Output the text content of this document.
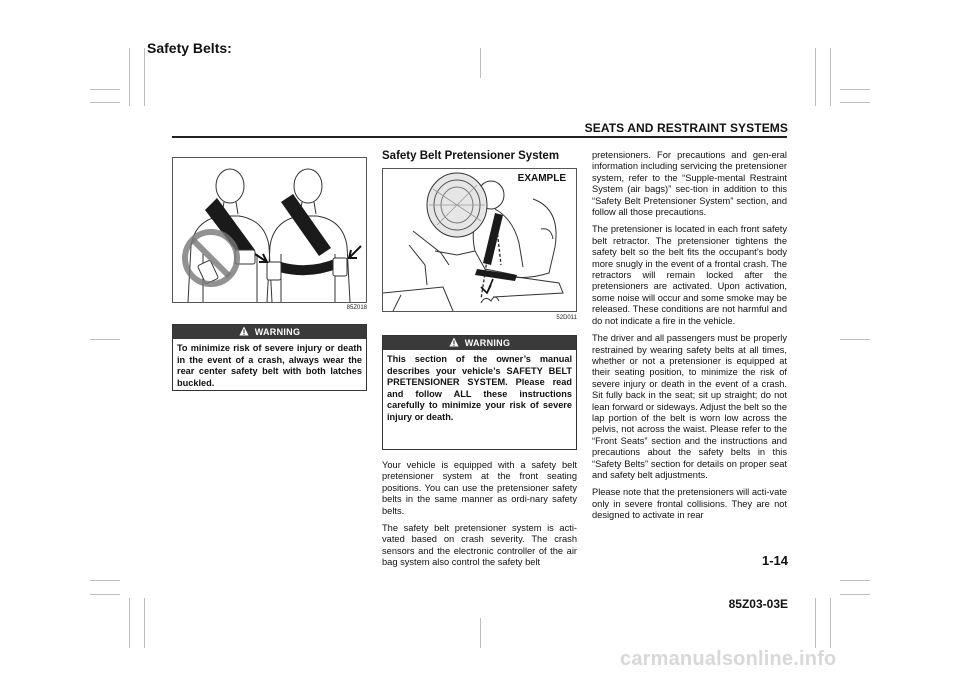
Safety Belts:
SEATS AND RESTRAINT SYSTEMS
85Z018
WARNING
To minimize risk of severe injury or death in the event of a crash, always wear the rear center safety belt with both latches buckled.
Safety Belt Pretensioner System
EXAMPLE
52D011
WARNING
This section of the owner’s manual describes your vehicle’s SAFETY BELT PRETENSIONER SYSTEM. Please read and follow ALL these instructions carefully to minimize your risk of severe injury or death.

Your vehicle is equipped with a safety belt pretensioner system at the front seating positions. You can use the pretensioner safety belts in the same manner as ordi-nary safety belts.

The safety belt pretensioner system is acti-vated based on crash severity. The crash sensors and the electronic controller of the air bag system also control the safety belt

pretensioners. For precautions and gen-eral information including servicing the pretensioner system, refer to the “Supple-mental Restraint System (air bags)” sec-tion in addition to this “Safety Belt Pretensioner System” section, and follow all those precautions.

The pretensioner is located in each front safety belt retractor. The pretensioner tightens the safety belt so the belt fits the occupant’s body more snugly in the event of a frontal crash. The retractors will remain locked after the pretensioners are activated. Upon activation, some noise will occur and some smoke may be released. These conditions are not harmful and do not indicate a fire in the vehicle.

The driver and all passengers must be properly restrained by wearing safety belts at all times, whether or not a pretensioner is equipped at their seating position, to minimize the risk of severe injury or death in the event of a crash. Sit fully back in the seat; sit up straight; do not lean forward or sideways. Adjust the belt so the lap portion of the belt is worn low across the pelvis, not across the waist. Please refer to the “Front Seats” section and the instructions and precautions about the safety belts in this “Safety Belts” section for details on proper seat and safety belt adjustments.

Please note that the pretensioners will acti-vate only in severe frontal collisions. They are not designed to activate in rear

1-14
85Z03-03E
carmanualsonline.info
